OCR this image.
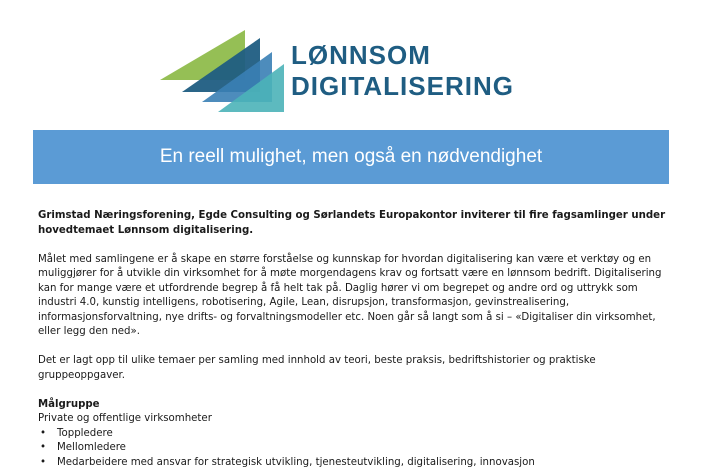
LØNNSOM
DIGITALISERING
En reell mulighet, men også en nødvendighet

Grimstad Næringsforening, Egde Consulting og Sørlandets Europakontor inviterer til fire fagsamlinger under hovedtemaet Lønnsom digitalisering.

Målet med samlingene er å skape en større forståelse og kunnskap for hvordan digitalisering kan være et verktøy og en muliggjører for å utvikle din virksomhet for å møte morgendagens krav og fortsatt være en lønnsom bedrift. Digitalisering kan for mange være et utfordrende begrep å få helt tak på. Daglig hører vi om begrepet og andre ord og uttrykk som industri 4.0, kunstig intelligens, robotisering, Agile, Lean, disrupsjon, transformasjon, gevinstrealisering, informasjonsforvaltning, nye drifts- og forvaltningsmodeller etc. Noen går så langt som å si – «Digitaliser din virksomhet, eller legg den ned».

Det er lagt opp til ulike temaer per samling med innhold av teori, beste praksis, bedriftshistorier og praktiske gruppeoppgaver.

Målgruppe
Private og offentlige virksomheter
• Toppledere
• Mellomledere
• Medarbeidere med ansvar for strategisk utvikling, tjenesteutvikling, digitalisering, innovasjon
